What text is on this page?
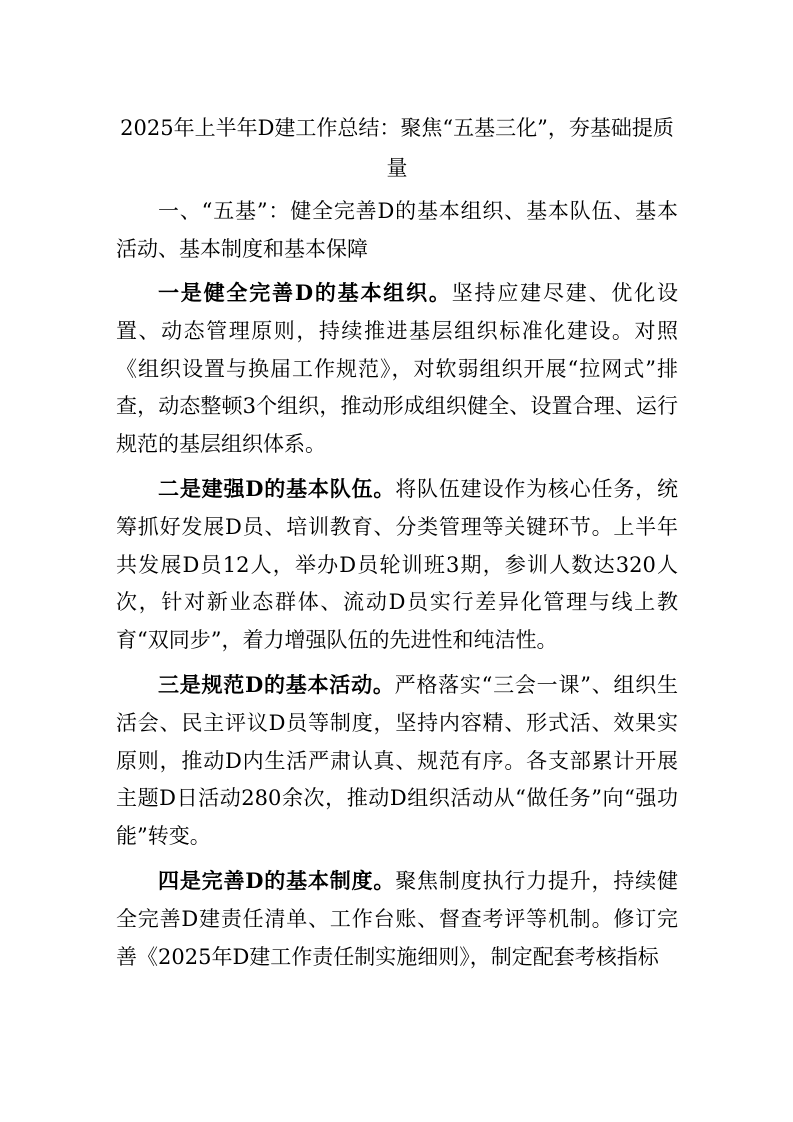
2025年上半年D建工作总结：聚焦“五基三化”，夯基础提质量

一、“五基”：健全完善D的基本组织、基本队伍、基本活动、基本制度和基本保障

一是健全完善D的基本组织。坚持应建尽建、优化设置、动态管理原则，持续推进基层组织标准化建设。对照《组织设置与换届工作规范》，对软弱组织开展“拉网式”排查，动态整顿3个组织，推动形成组织健全、设置合理、运行规范的基层组织体系。

二是建强D的基本队伍。将队伍建设作为核心任务，统筹抓好发展D员、培训教育、分类管理等关键环节。上半年共发展D员12人，举办D员轮训班3期，参训人数达320人次，针对新业态群体、流动D员实行差异化管理与线上教育“双同步”，着力增强队伍的先进性和纯洁性。

三是规范D的基本活动。严格落实“三会一课”、组织生活会、民主评议D员等制度，坚持内容精、形式活、效果实原则，推动D内生活严肃认真、规范有序。各支部累计开展主题D日活动280余次，推动D组织活动从“做任务”向“强功能”转变。

四是完善D的基本制度。聚焦制度执行力提升，持续健全完善D建责任清单、工作台账、督查考评等机制。修订完善《2025年D建工作责任制实施细则》，制定配套考核指标
